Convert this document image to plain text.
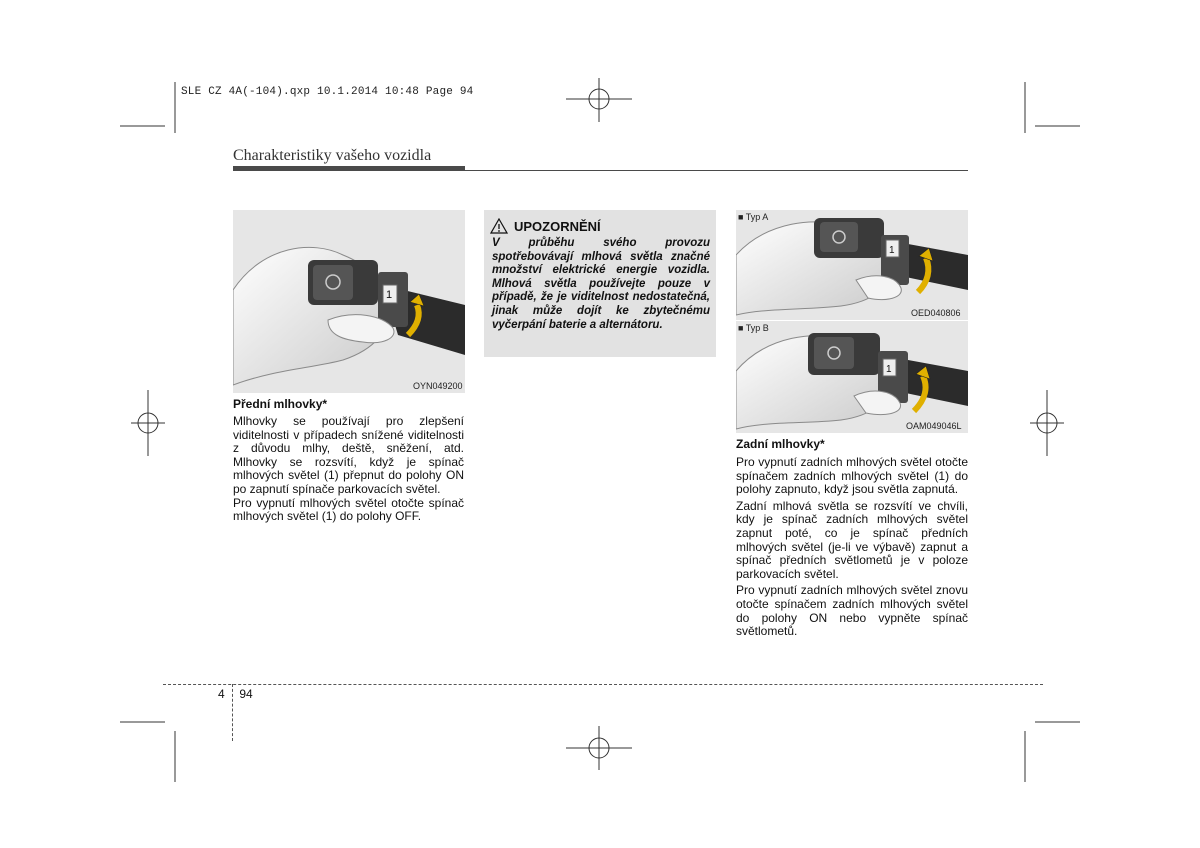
SLE CZ 4A(-104).qxp 10.1.2014 10:48 Page 94
Charakteristiky vašeho vozidla
1
OYN049200
Přední mlhovky*

Mlhovky se používají pro zlepšení viditelnosti v případech snížené viditelnosti z důvodu mlhy, deště, sněžení, atd. Mlhovky se rozsvítí, když je spínač mlhových světel (1) přepnut do polohy ON po zapnutí spínače parkovacích světel.

Pro vypnutí mlhových světel otočte spínač mlhových světel (1) do polohy OFF.

UPOZORNĚNÍ
V průběhu svého provozu spotřebovávají mlhová světla značné množství elektrické energie vozidla. Mlhová světla používejte pouze v případě, že je viditelnost nedostatečná, jinak může dojít ke zbytečnému vyčerpání baterie a alternátoru.
1
■ Typ A
OED040806
1
■ Typ B
OAM049046L
Zadní mlhovky*

Pro vypnutí zadních mlhových světel otočte spínačem zadních mlhových světel (1) do polohy zapnuto, když jsou světla zapnutá.

Zadní mlhová světla se rozsvítí ve chvíli, kdy je spínač zadních mlhových světel zapnut poté, co je spínač předních mlhových světel (je-li ve výbavě) zapnut a spínač předních světlometů je v poloze parkovacích světel.

Pro vypnutí zadních mlhových světel znovu otočte spínačem zadních mlhových světel do polohy ON nebo vypněte spínač světlometů.

4 94
